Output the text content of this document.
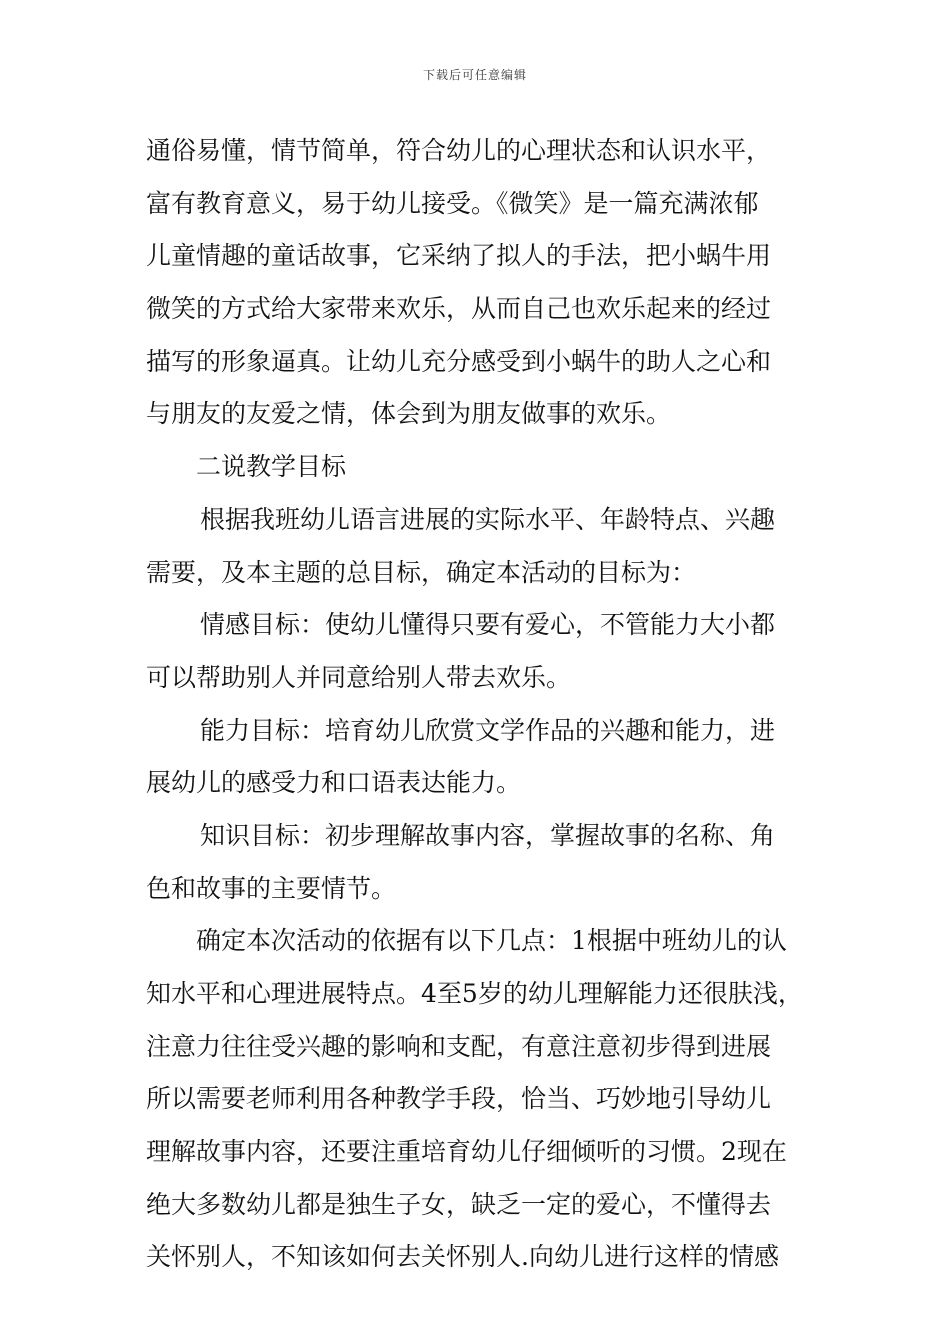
下载后可任意编辑
通俗易懂，情节简单，符合幼儿的心理状态和认识水平，
富有教育意义，易于幼儿接受。《微笑》是一篇充满浓郁
儿童情趣的童话故事，它采纳了拟人的手法，把小蜗牛用
微笑的方式给大家带来欢乐，从而自己也欢乐起来的经过
描写的形象逼真。让幼儿充分感受到小蜗牛的助人之心和
与朋友的友爱之情，体会到为朋友做事的欢乐。
二说教学目标
根据我班幼儿语言进展的实际水平、年龄特点、兴趣
需要，及本主题的总目标，确定本活动的目标为：
情感目标：使幼儿懂得只要有爱心，不管能力大小都
可以帮助别人并同意给别人带去欢乐。
能力目标：培育幼儿欣赏文学作品的兴趣和能力，进
展幼儿的感受力和口语表达能力。
知识目标：初步理解故事内容，掌握故事的名称、角
色和故事的主要情节。
确定本次活动的依据有以下几点：1根据中班幼儿的认
知水平和心理进展特点。4至5岁的幼儿理解能力还很肤浅，
注意力往往受兴趣的影响和支配，有意注意初步得到进展
所以需要老师利用各种教学手段，恰当、巧妙地引导幼儿
理解故事内容，还要注重培育幼儿仔细倾听的习惯。2现在
绝大多数幼儿都是独生子女，缺乏一定的爱心，不懂得去
关怀别人，不知该如何去关怀别人.向幼儿进行这样的情感
